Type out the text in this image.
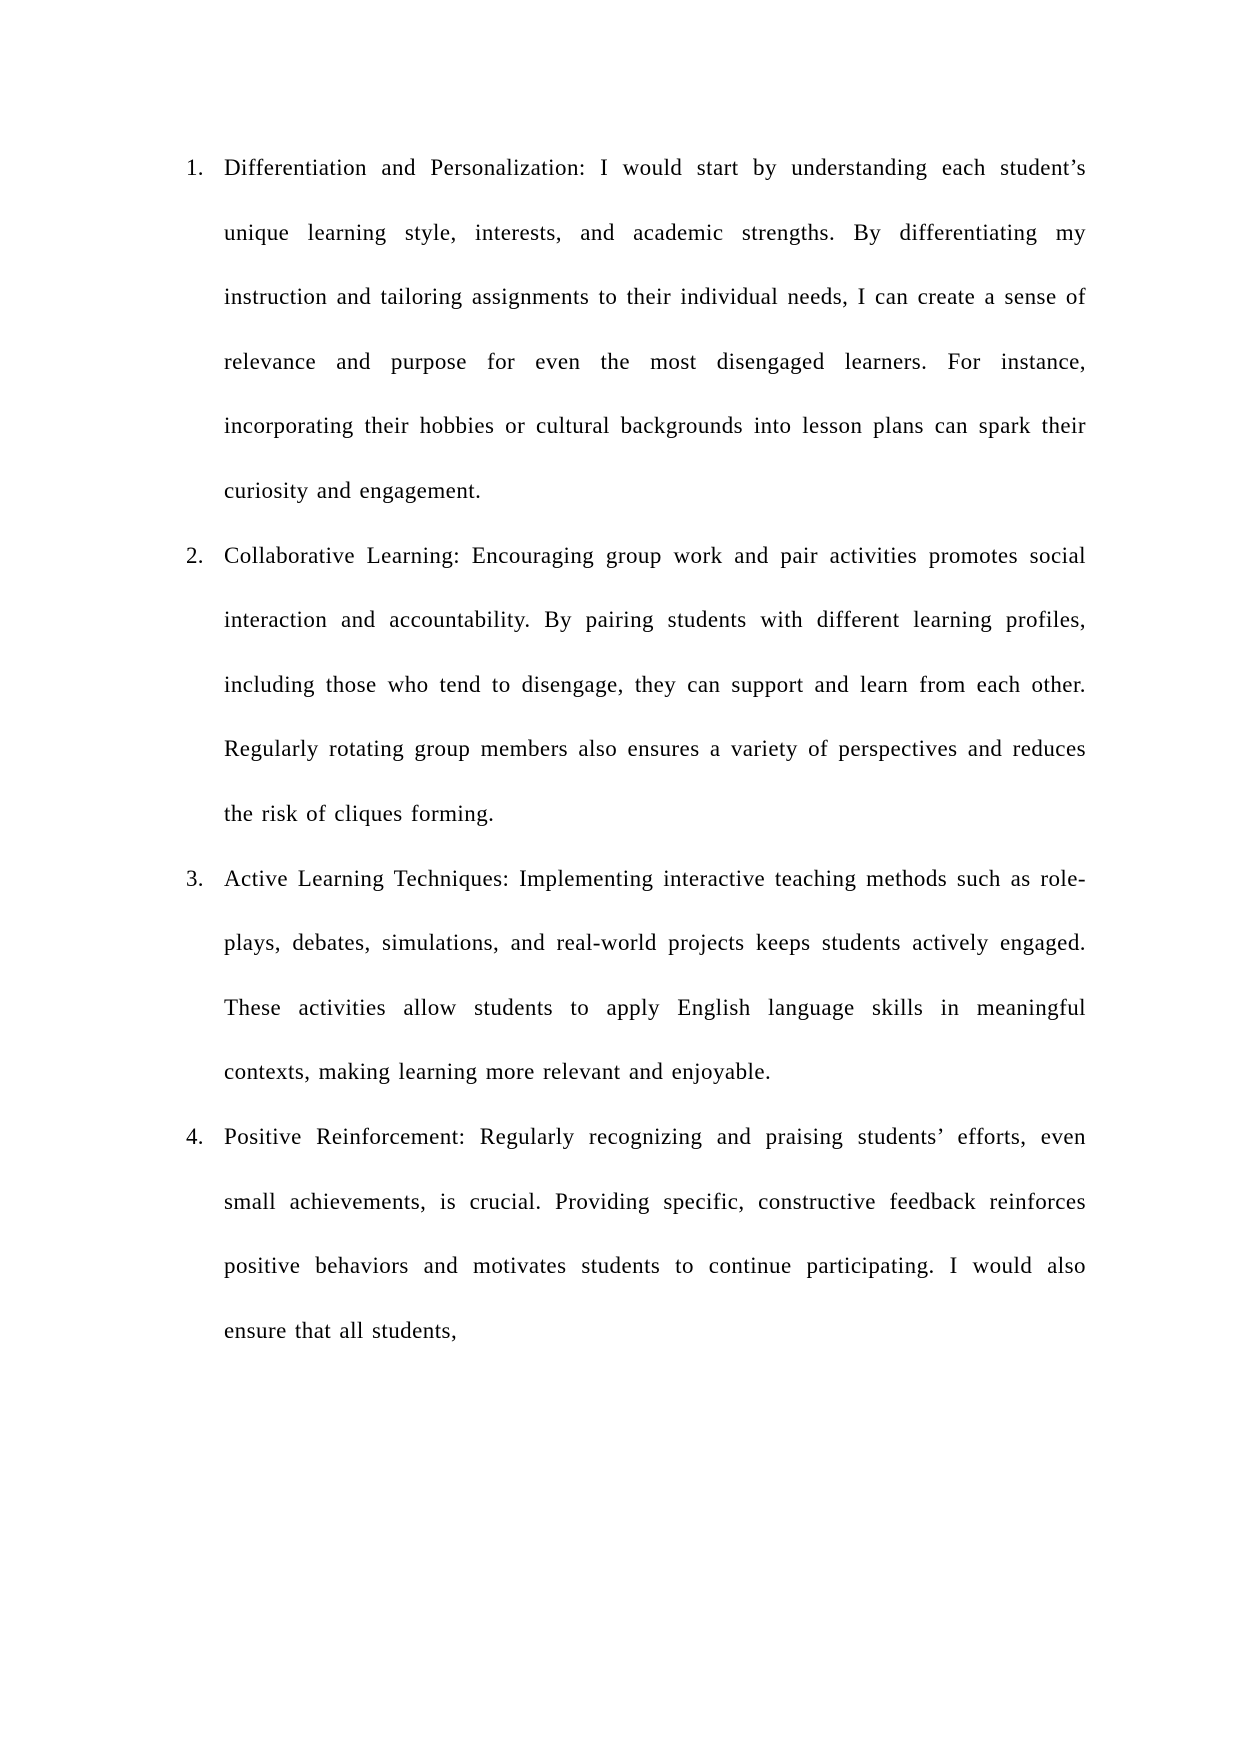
1. Differentiation and Personalization: I would start by understanding each student’s unique learning style, interests, and academic strengths. By differentiating my instruction and tailoring assignments to their individual needs, I can create a sense of relevance and purpose for even the most disengaged learners. For instance, incorporating their hobbies or cultural backgrounds into lesson plans can spark their curiosity and engagement.
2. Collaborative Learning: Encouraging group work and pair activities promotes social interaction and accountability. By pairing students with different learning profiles, including those who tend to disengage, they can support and learn from each other. Regularly rotating group members also ensures a variety of perspectives and reduces the risk of cliques forming.
3. Active Learning Techniques: Implementing interactive teaching methods such as role-plays, debates, simulations, and real-world projects keeps students actively engaged. These activities allow students to apply English language skills in meaningful contexts, making learning more relevant and enjoyable.
4. Positive Reinforcement: Regularly recognizing and praising students’ efforts, even small achievements, is crucial. Providing specific, constructive feedback reinforces positive behaviors and motivates students to continue participating. I would also ensure that all students,
